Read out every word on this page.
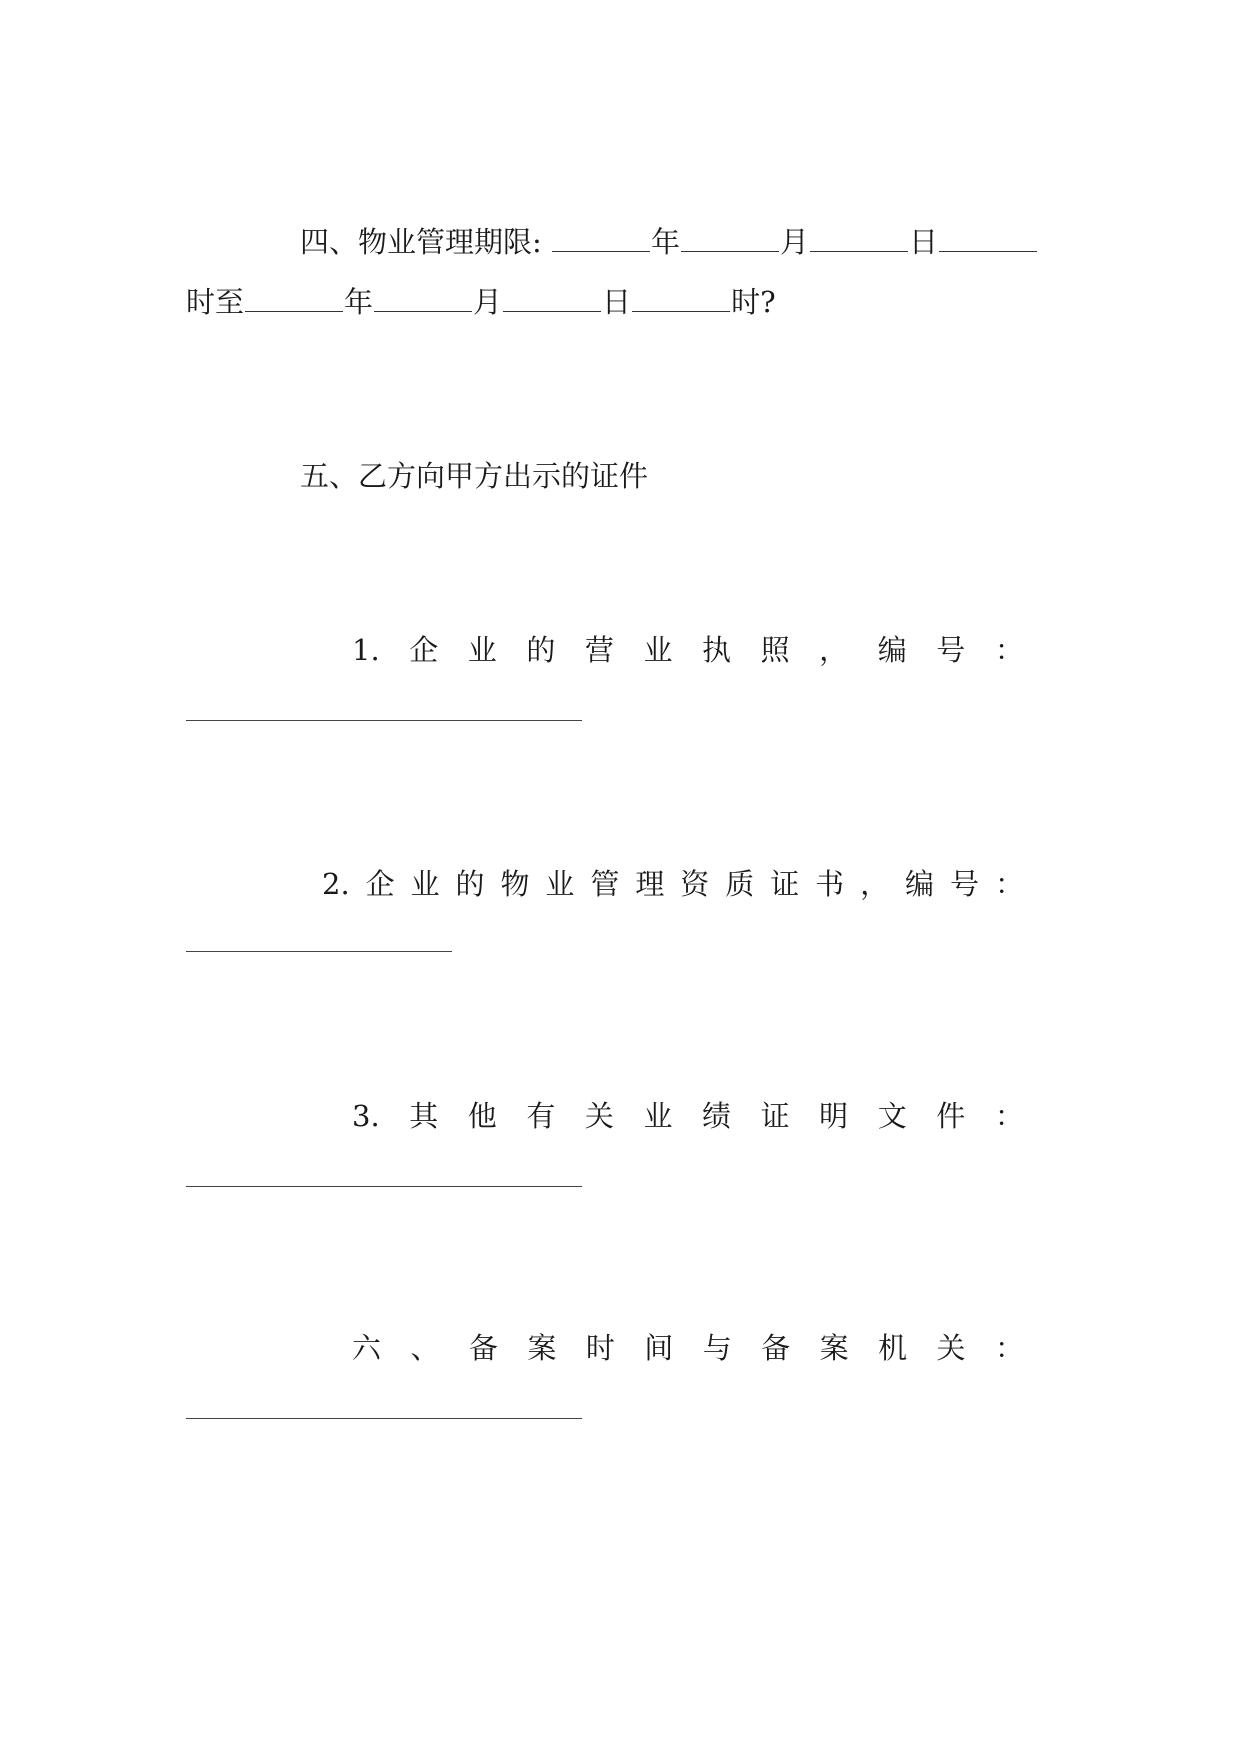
四、物业管理期限:	年	月	日
时至	年	月	日	时?
五、乙方向甲方出示的证件
1. 企 业 的 营 业 执 照 ， 编 号 ：
2. 企 业 的 物 业 管 理 资 质 证 书 ， 编 号 ：
3. 其 他 有 关 业 绩 证 明 文 件 ：
六 、 备 案 时 间 与 备 案 机 关 ：
